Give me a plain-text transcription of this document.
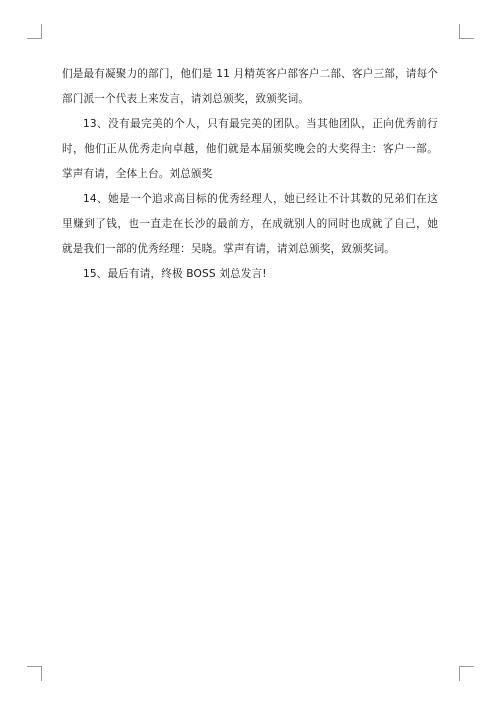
们是最有凝聚力的部门，他们是 11 月精英客户部客户二部、客户三部，请每个部门派一个代表上来发言，请刘总颁奖，致颁奖词。

13、没有最完美的个人，只有最完美的团队。当其他团队，正向优秀前行时，他们正从优秀走向卓越，他们就是本届颁奖晚会的大奖得主：客户一部。掌声有请，全体上台。刘总颁奖

14、她是一个追求高目标的优秀经理人，她已经让不计其数的兄弟们在这里赚到了钱，也一直走在长沙的最前方，在成就别人的同时也成就了自己，她就是我们一部的优秀经理：吴晓。掌声有请，请刘总颁奖，致颁奖词。

15、最后有请，终极 BOSS 刘总发言!
